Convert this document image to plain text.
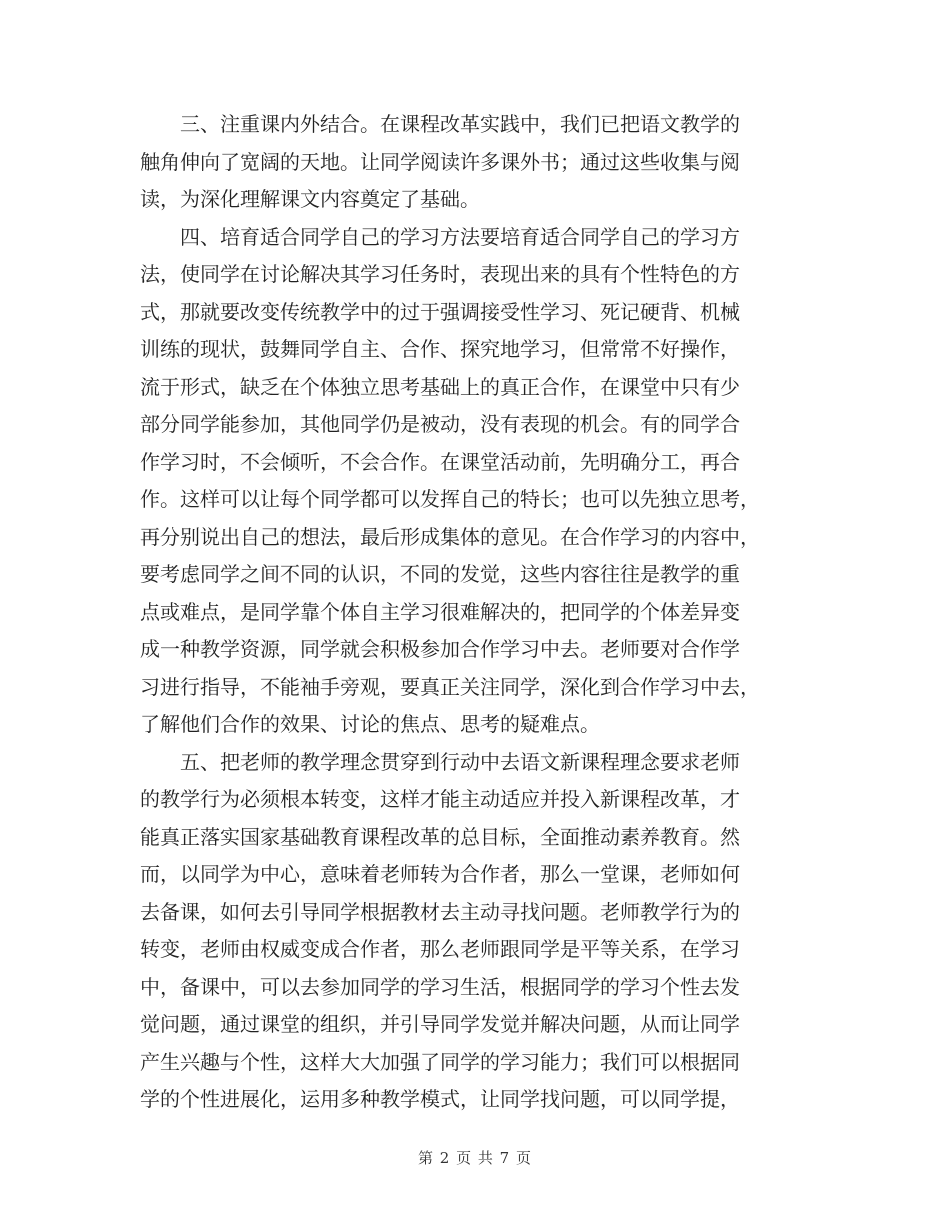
　　三、注重课内外结合。在课程改革实践中，我们已把语文教学的
触角伸向了宽阔的天地。让同学阅读许多课外书；通过这些收集与阅
读，为深化理解课文内容奠定了基础。
　　四、培育适合同学自己的学习方法要培育适合同学自己的学习方
法，使同学在讨论解决其学习任务时，表现出来的具有个性特色的方
式，那就要改变传统教学中的过于强调接受性学习、死记硬背、机械
训练的现状，鼓舞同学自主、合作、探究地学习，但常常不好操作，
流于形式，缺乏在个体独立思考基础上的真正合作，在课堂中只有少
部分同学能参加，其他同学仍是被动，没有表现的机会。有的同学合
作学习时，不会倾听，不会合作。在课堂活动前，先明确分工，再合
作。这样可以让每个同学都可以发挥自己的特长；也可以先独立思考，
再分别说出自己的想法，最后形成集体的意见。在合作学习的内容中，
要考虑同学之间不同的认识，不同的发觉，这些内容往往是教学的重
点或难点，是同学靠个体自主学习很难解决的，把同学的个体差异变
成一种教学资源，同学就会积极参加合作学习中去。老师要对合作学
习进行指导，不能袖手旁观，要真正关注同学，深化到合作学习中去，
了解他们合作的效果、讨论的焦点、思考的疑难点。
　　五、把老师的教学理念贯穿到行动中去语文新课程理念要求老师
的教学行为必须根本转变，这样才能主动适应并投入新课程改革，才
能真正落实国家基础教育课程改革的总目标，全面推动素养教育。然
而，以同学为中心，意味着老师转为合作者，那么一堂课，老师如何
去备课，如何去引导同学根据教材去主动寻找问题。老师教学行为的
转变，老师由权威变成合作者，那么老师跟同学是平等关系，在学习
中，备课中，可以去参加同学的学习生活，根据同学的学习个性去发
觉问题，通过课堂的组织，并引导同学发觉并解决问题，从而让同学
产生兴趣与个性，这样大大加强了同学的学习能力；我们可以根据同
学的个性进展化，运用多种教学模式，让同学找问题，可以同学提，
第 2 页 共 7 页
